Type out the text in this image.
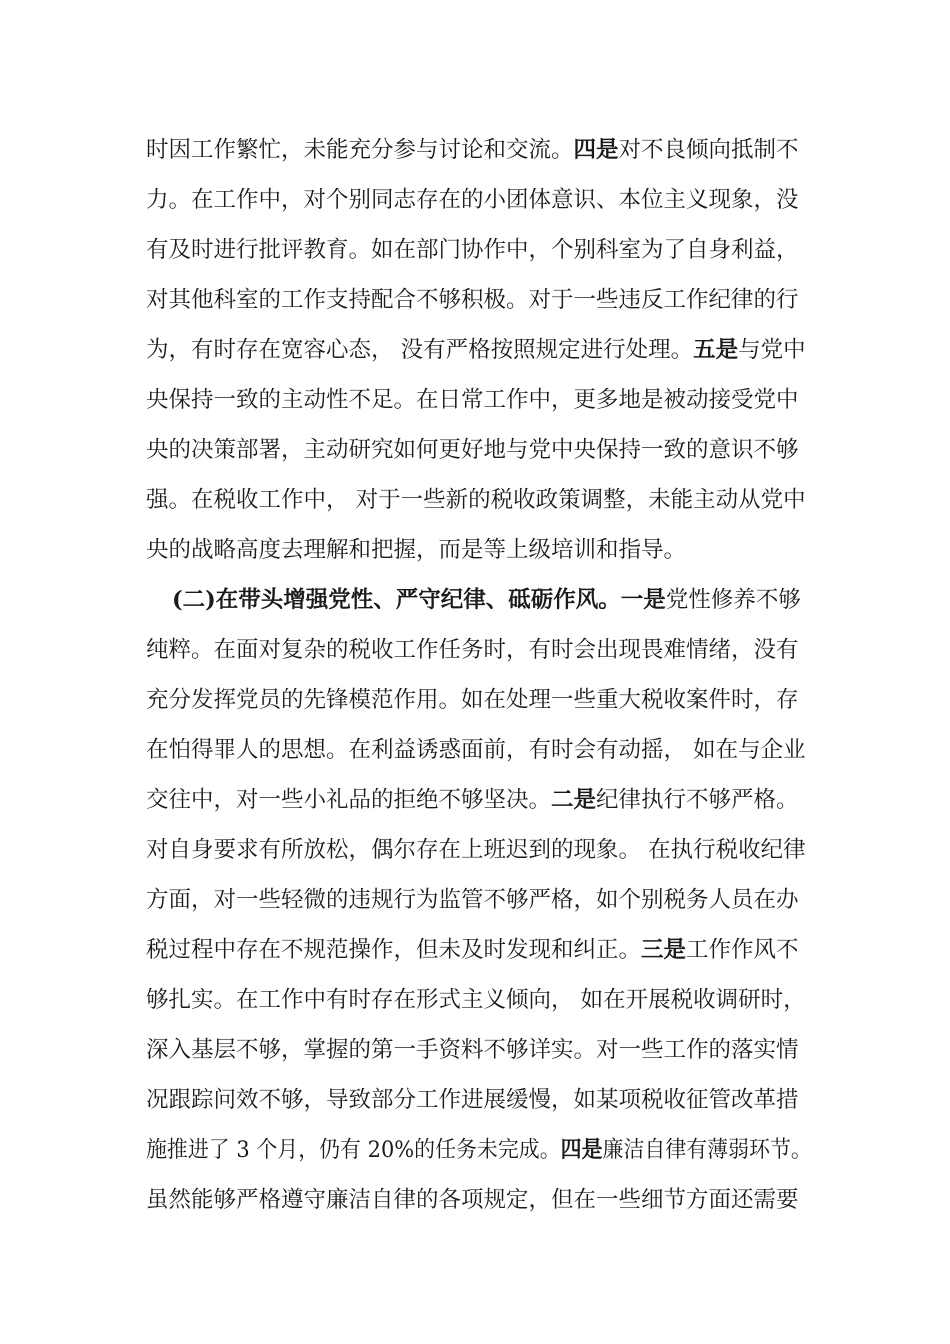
时因工作繁忙，未能充分参与讨论和交流。四是对不良倾向抵制不
力。在工作中，对个别同志存在的小团体意识、本位主义现象，没
有及时进行批评教育。如在部门协作中，个别科室为了自身利益，
对其他科室的工作支持配合不够积极。对于一些违反工作纪律的行
为，有时存在宽容心态， 没有严格按照规定进行处理。五是与党中
央保持一致的主动性不足。在日常工作中，更多地是被动接受党中
央的决策部署，主动研究如何更好地与党中央保持一致的意识不够
强。在税收工作中， 对于一些新的税收政策调整，未能主动从党中
央的战略高度去理解和把握，而是等上级培训和指导。
(二)在带头增强党性、严守纪律、砥砺作风。一是党性修养不够
纯粹。在面对复杂的税收工作任务时，有时会出现畏难情绪，没有
充分发挥党员的先锋模范作用。如在处理一些重大税收案件时，存
在怕得罪人的思想。在利益诱惑面前，有时会有动摇， 如在与企业
交往中，对一些小礼品的拒绝不够坚决。二是纪律执行不够严格。
对自身要求有所放松，偶尔存在上班迟到的现象。 在执行税收纪律
方面，对一些轻微的违规行为监管不够严格，如个别税务人员在办
税过程中存在不规范操作，但未及时发现和纠正。三是工作作风不
够扎实。在工作中有时存在形式主义倾向， 如在开展税收调研时，
深入基层不够，掌握的第一手资料不够详实。对一些工作的落实情
况跟踪问效不够，导致部分工作进展缓慢，如某项税收征管改革措
施推进了 3 个月，仍有 20%的任务未完成。四是廉洁自律有薄弱环节。
虽然能够严格遵守廉洁自律的各项规定，但在一些细节方面还需要
